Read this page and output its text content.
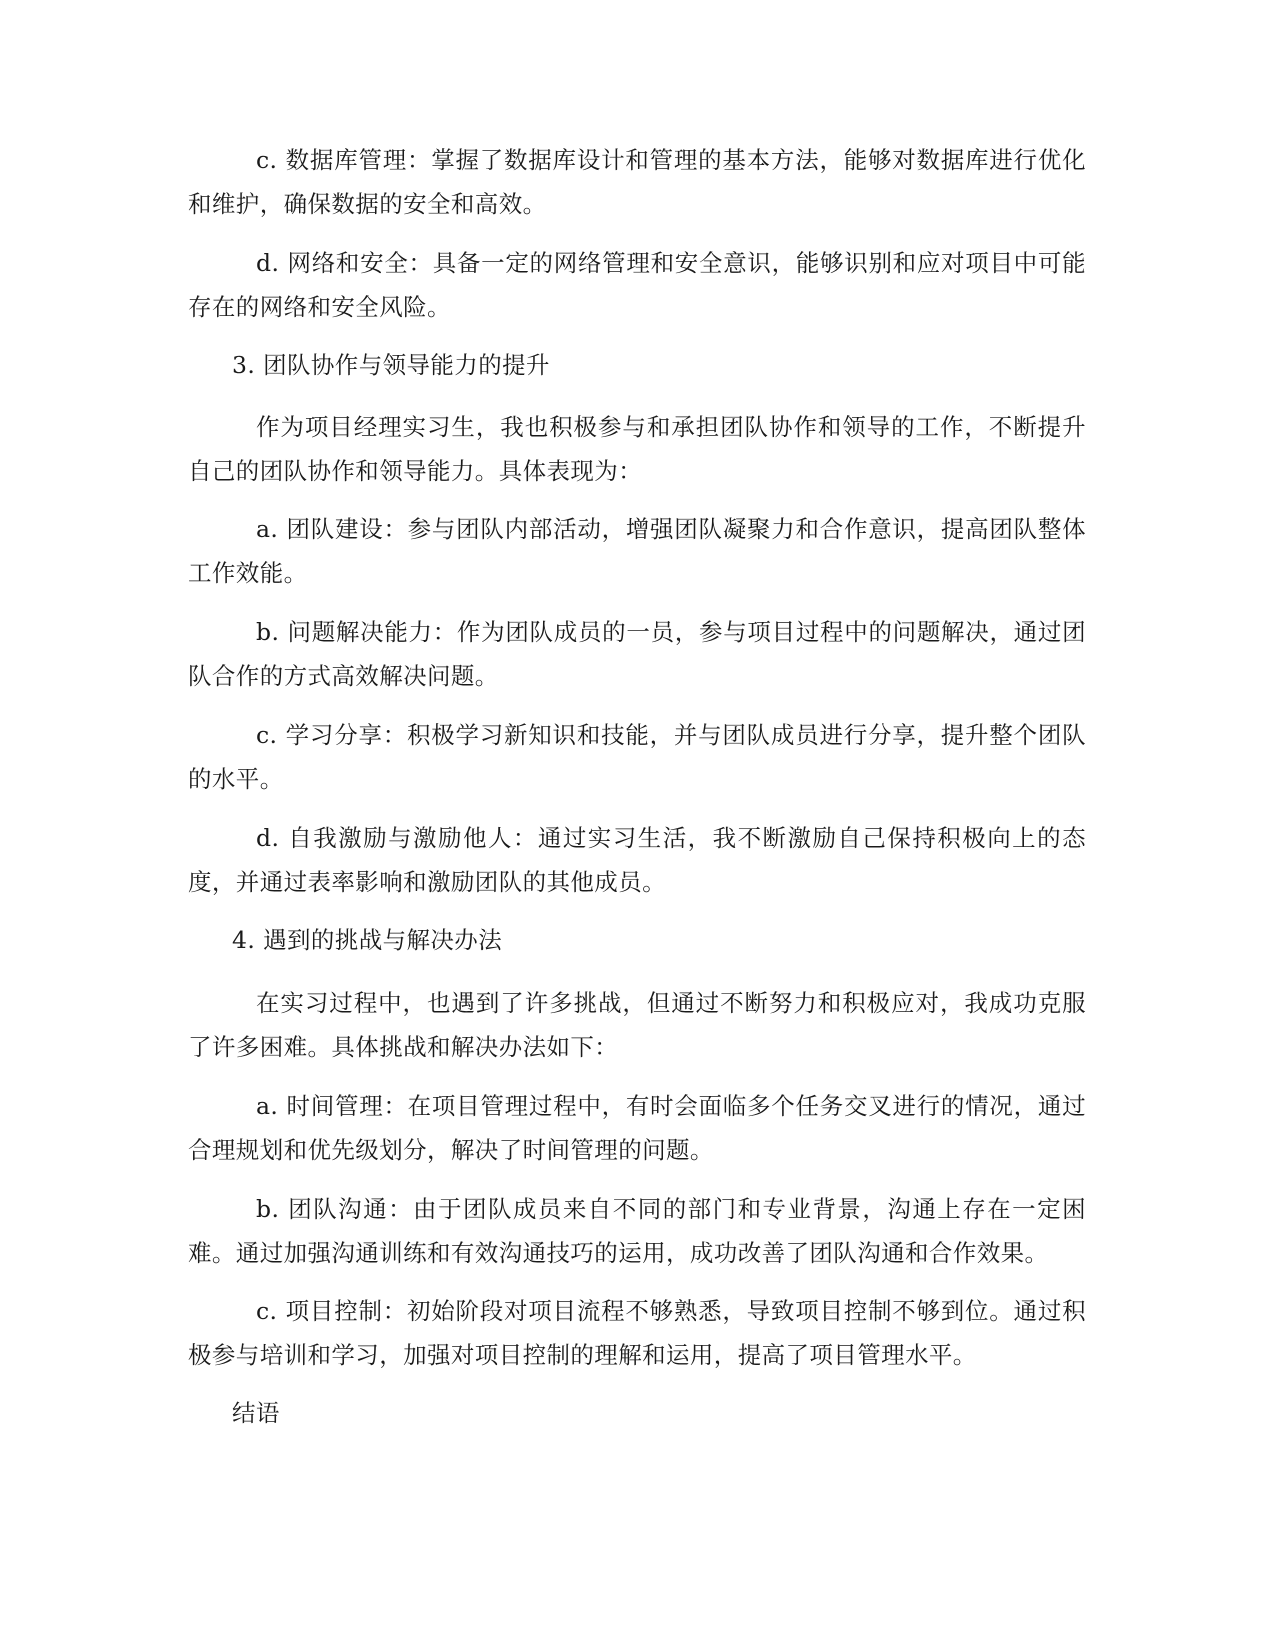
c. 数据库管理：掌握了数据库设计和管理的基本方法，能够对数据库进行优化和维护，确保数据的安全和高效。

d. 网络和安全：具备一定的网络管理和安全意识，能够识别和应对项目中可能存在的网络和安全风险。

3. 团队协作与领导能力的提升

作为项目经理实习生，我也积极参与和承担团队协作和领导的工作，不断提升自己的团队协作和领导能力。具体表现为：

a. 团队建设：参与团队内部活动，增强团队凝聚力和合作意识，提高团队整体工作效能。

b. 问题解决能力：作为团队成员的一员，参与项目过程中的问题解决，通过团队合作的方式高效解决问题。

c. 学习分享：积极学习新知识和技能，并与团队成员进行分享，提升整个团队的水平。

d. 自我激励与激励他人：通过实习生活，我不断激励自己保持积极向上的态度，并通过表率影响和激励团队的其他成员。

4. 遇到的挑战与解决办法

在实习过程中，也遇到了许多挑战，但通过不断努力和积极应对，我成功克服了许多困难。具体挑战和解决办法如下：

a. 时间管理：在项目管理过程中，有时会面临多个任务交叉进行的情况，通过合理规划和优先级划分，解决了时间管理的问题。

b. 团队沟通：由于团队成员来自不同的部门和专业背景，沟通上存在一定困难。通过加强沟通训练和有效沟通技巧的运用，成功改善了团队沟通和合作效果。

c. 项目控制：初始阶段对项目流程不够熟悉，导致项目控制不够到位。通过积极参与培训和学习，加强对项目控制的理解和运用，提高了项目管理水平。

结语
